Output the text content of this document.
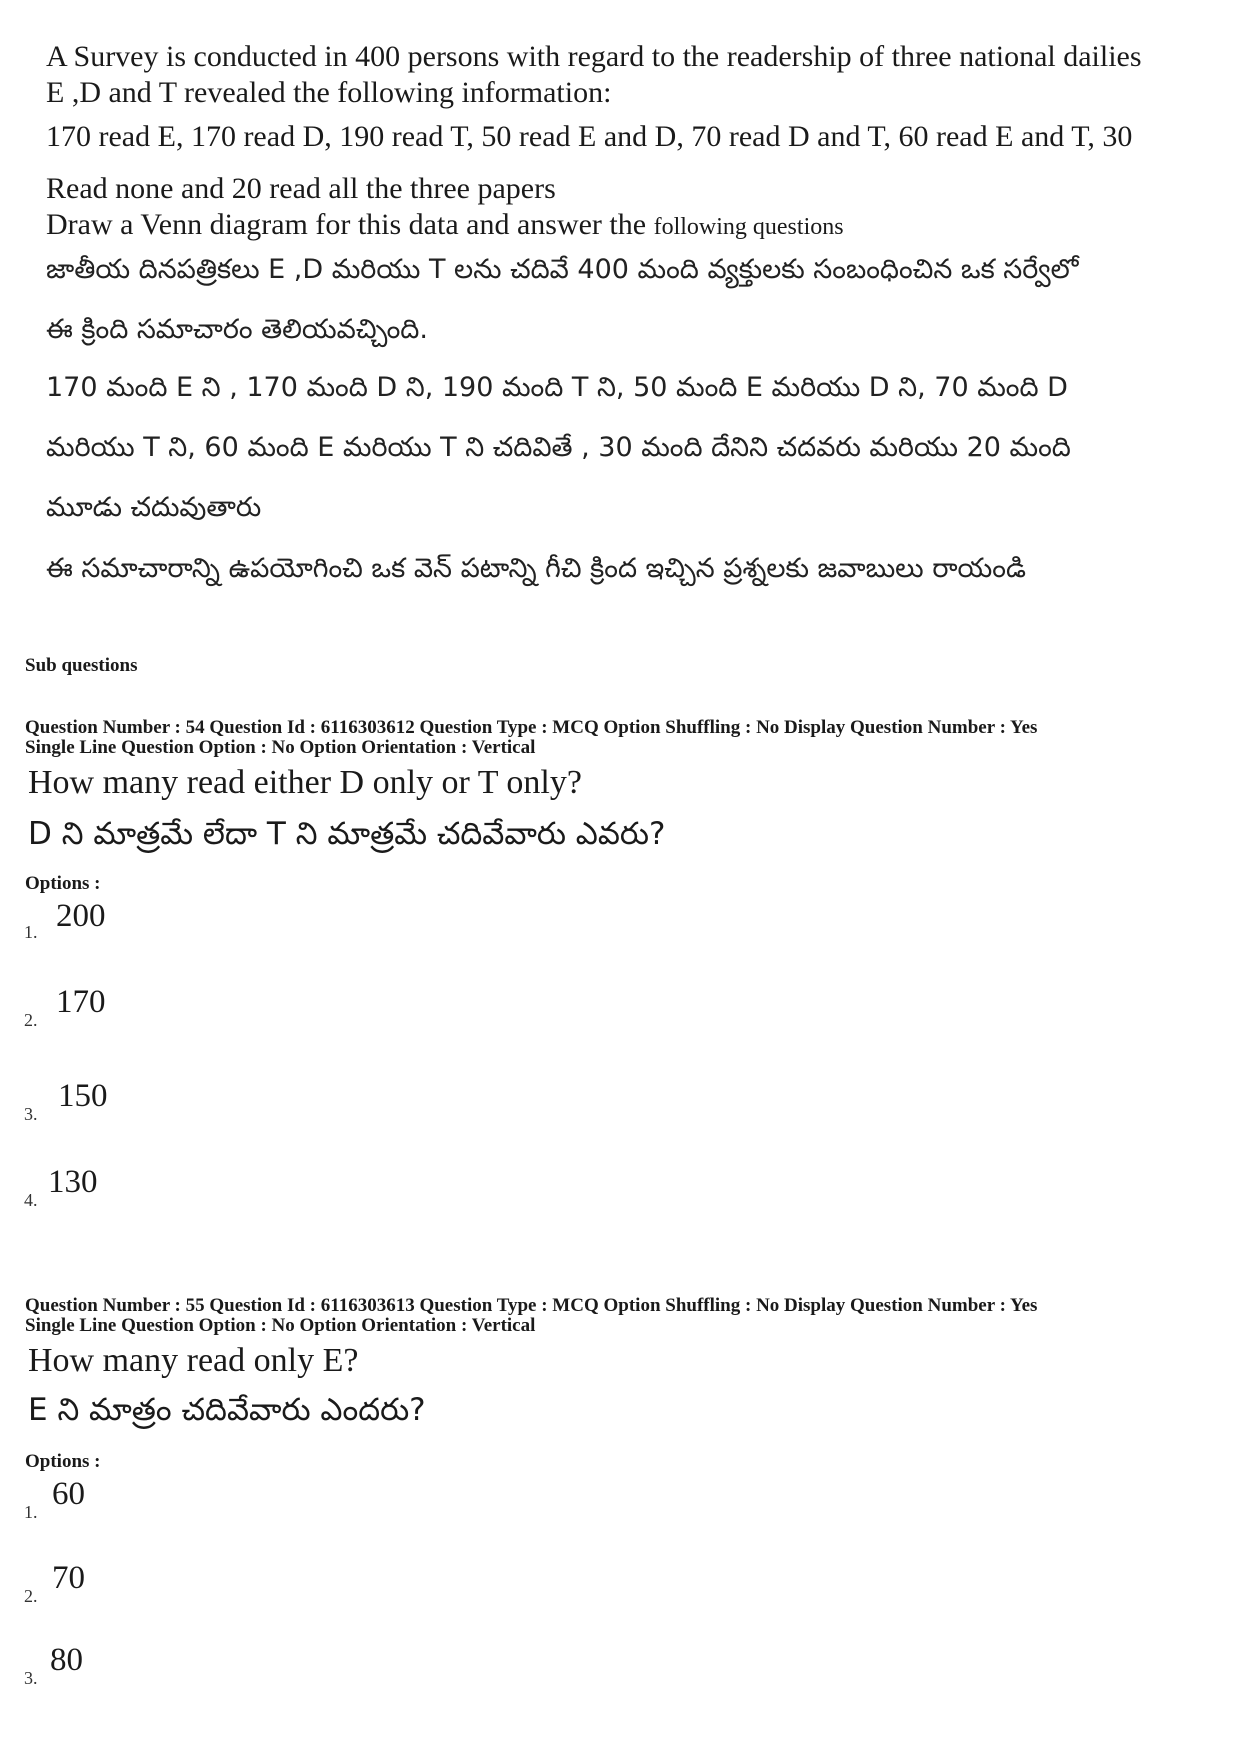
A Survey is conducted in 400 persons with regard to the readership of three national dailies
E ,D and T revealed the following information:
170 read E, 170 read D, 190 read T, 50 read E and D, 70 read D and T, 60 read E and T, 30
Read none and 20 read all the three papers
Draw a Venn diagram for this data and answer the following questions
జాతీయ దినపత్రికలు E ,D మరియు T లను చదివే 400 మంది వ్యక్తులకు సంబంధించిన ఒక సర్వేలో
ఈ క్రింది సమాచారం తెలియవచ్చింది.
170 మంది E ని , 170 మంది D ని, 190 మంది T ని, 50 మంది E మరియు D ని, 70 మంది D
మరియు T ని, 60 మంది E మరియు T ని చదివితే , 30 మంది దేనిని చదవరు మరియు 20 మంది
మూడు చదువుతారు
ఈ సమాచారాన్ని ఉపయోగించి ఒక వెన్ పటాన్ని గీచి క్రింద ఇచ్చిన ప్రశ్నలకు జవాబులు రాయండి
Sub questions
Question Number : 54 Question Id : 6116303612 Question Type : MCQ Option Shuffling : No Display Question Number : Yes
Single Line Question Option : No Option Orientation : Vertical
How many read either D only or T only?
D ని మాత్రమే లేదా T ని మాత్రమే చదివేవారు ఎవరు?
Options :
1. 200
2. 170
3. 150
4. 130
Question Number : 55 Question Id : 6116303613 Question Type : MCQ Option Shuffling : No Display Question Number : Yes
Single Line Question Option : No Option Orientation : Vertical
How many read only E?
E ని మాత్రం చదివేవారు ఎందరు?
Options :
1. 60
2. 70
3. 80
